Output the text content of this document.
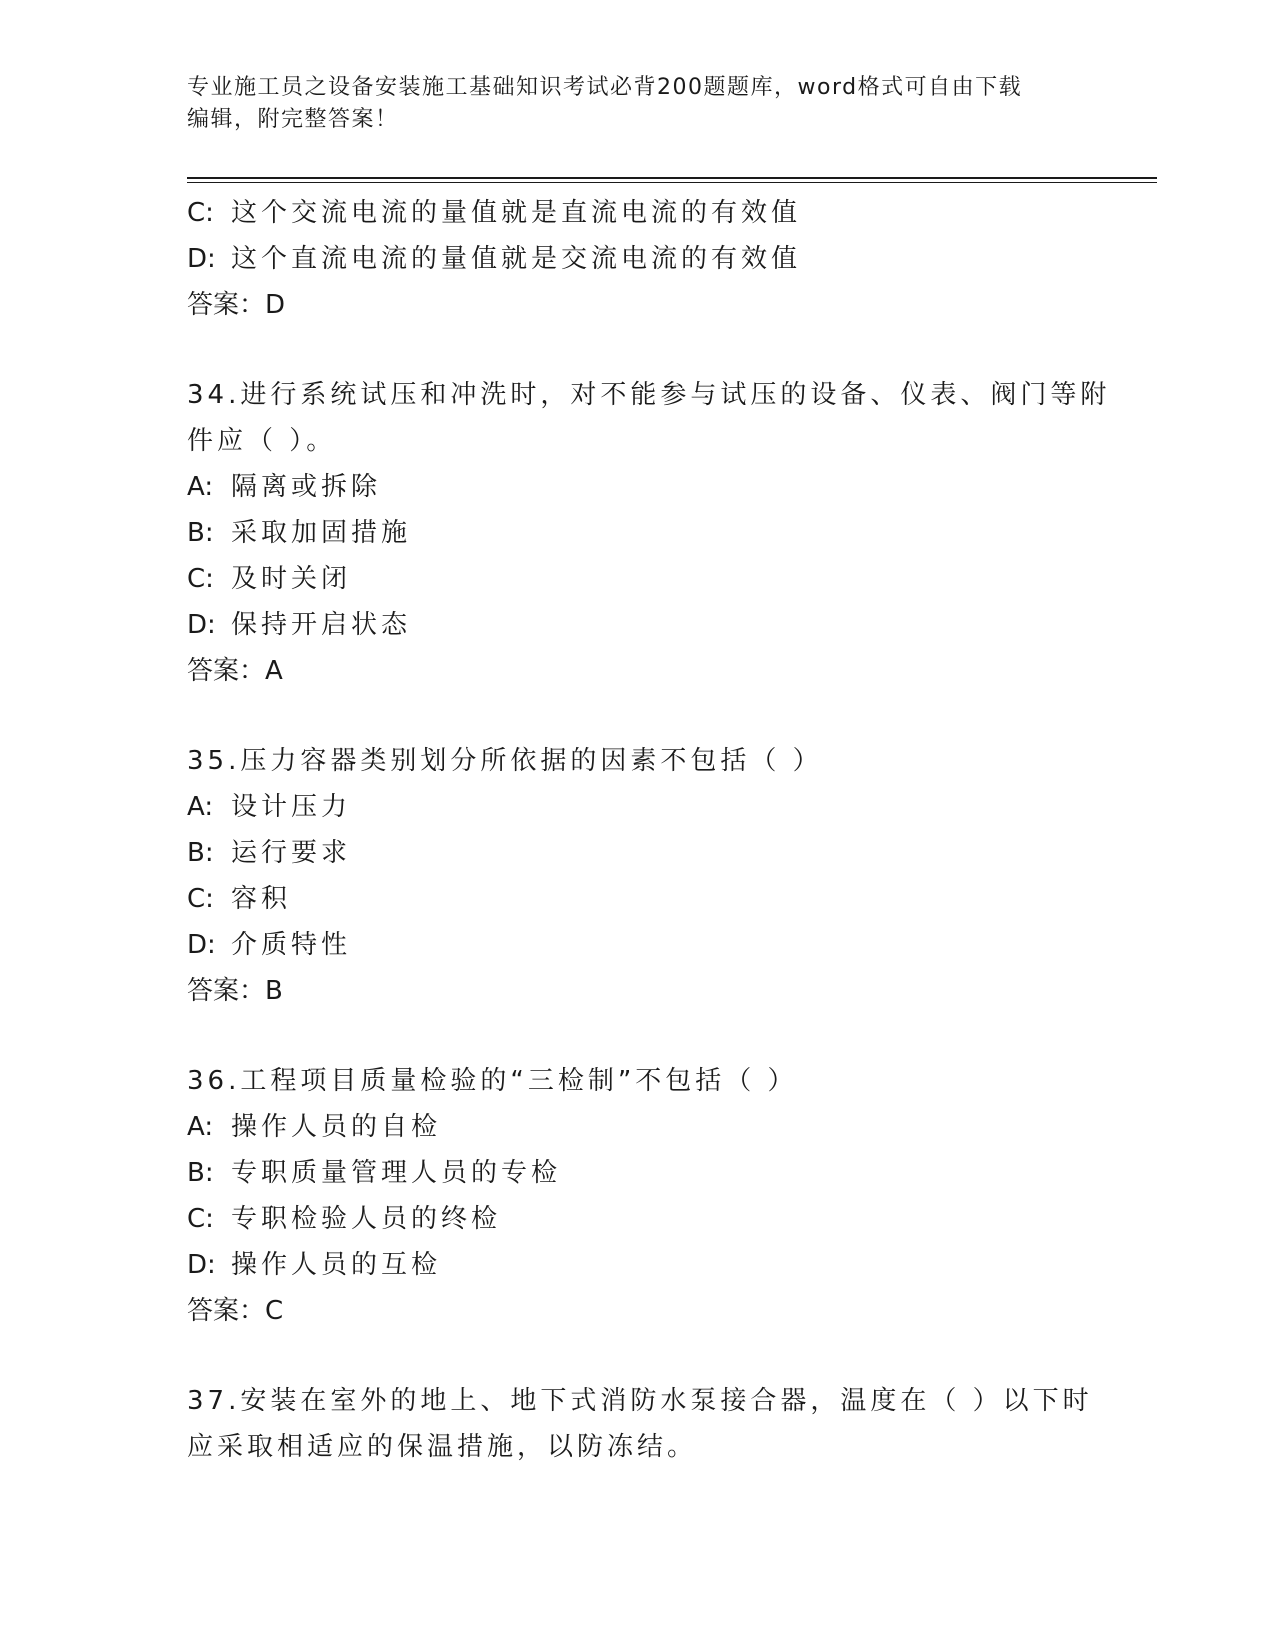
专业施工员之设备安装施工基础知识考试必背200题题库，word格式可自由下载
编辑，附完整答案！
C: 这个交流电流的量值就是直流电流的有效值
D: 这个直流电流的量值就是交流电流的有效值
答案：D
34.进行系统试压和冲洗时，对不能参与试压的设备、仪表、阀门等附
件应（ ）。
A: 隔离或拆除
B: 采取加固措施
C: 及时关闭
D: 保持开启状态
答案：A
35.压力容器类别划分所依据的因素不包括（ ）
A: 设计压力
B: 运行要求
C: 容积
D: 介质特性
答案：B
36.工程项目质量检验的“三检制”不包括（ ）
A: 操作人员的自检
B: 专职质量管理人员的专检
C: 专职检验人员的终检
D: 操作人员的互检
答案：C
37.安装在室外的地上、地下式消防水泵接合器，温度在（ ）以下时
应采取相适应的保温措施，以防冻结。
